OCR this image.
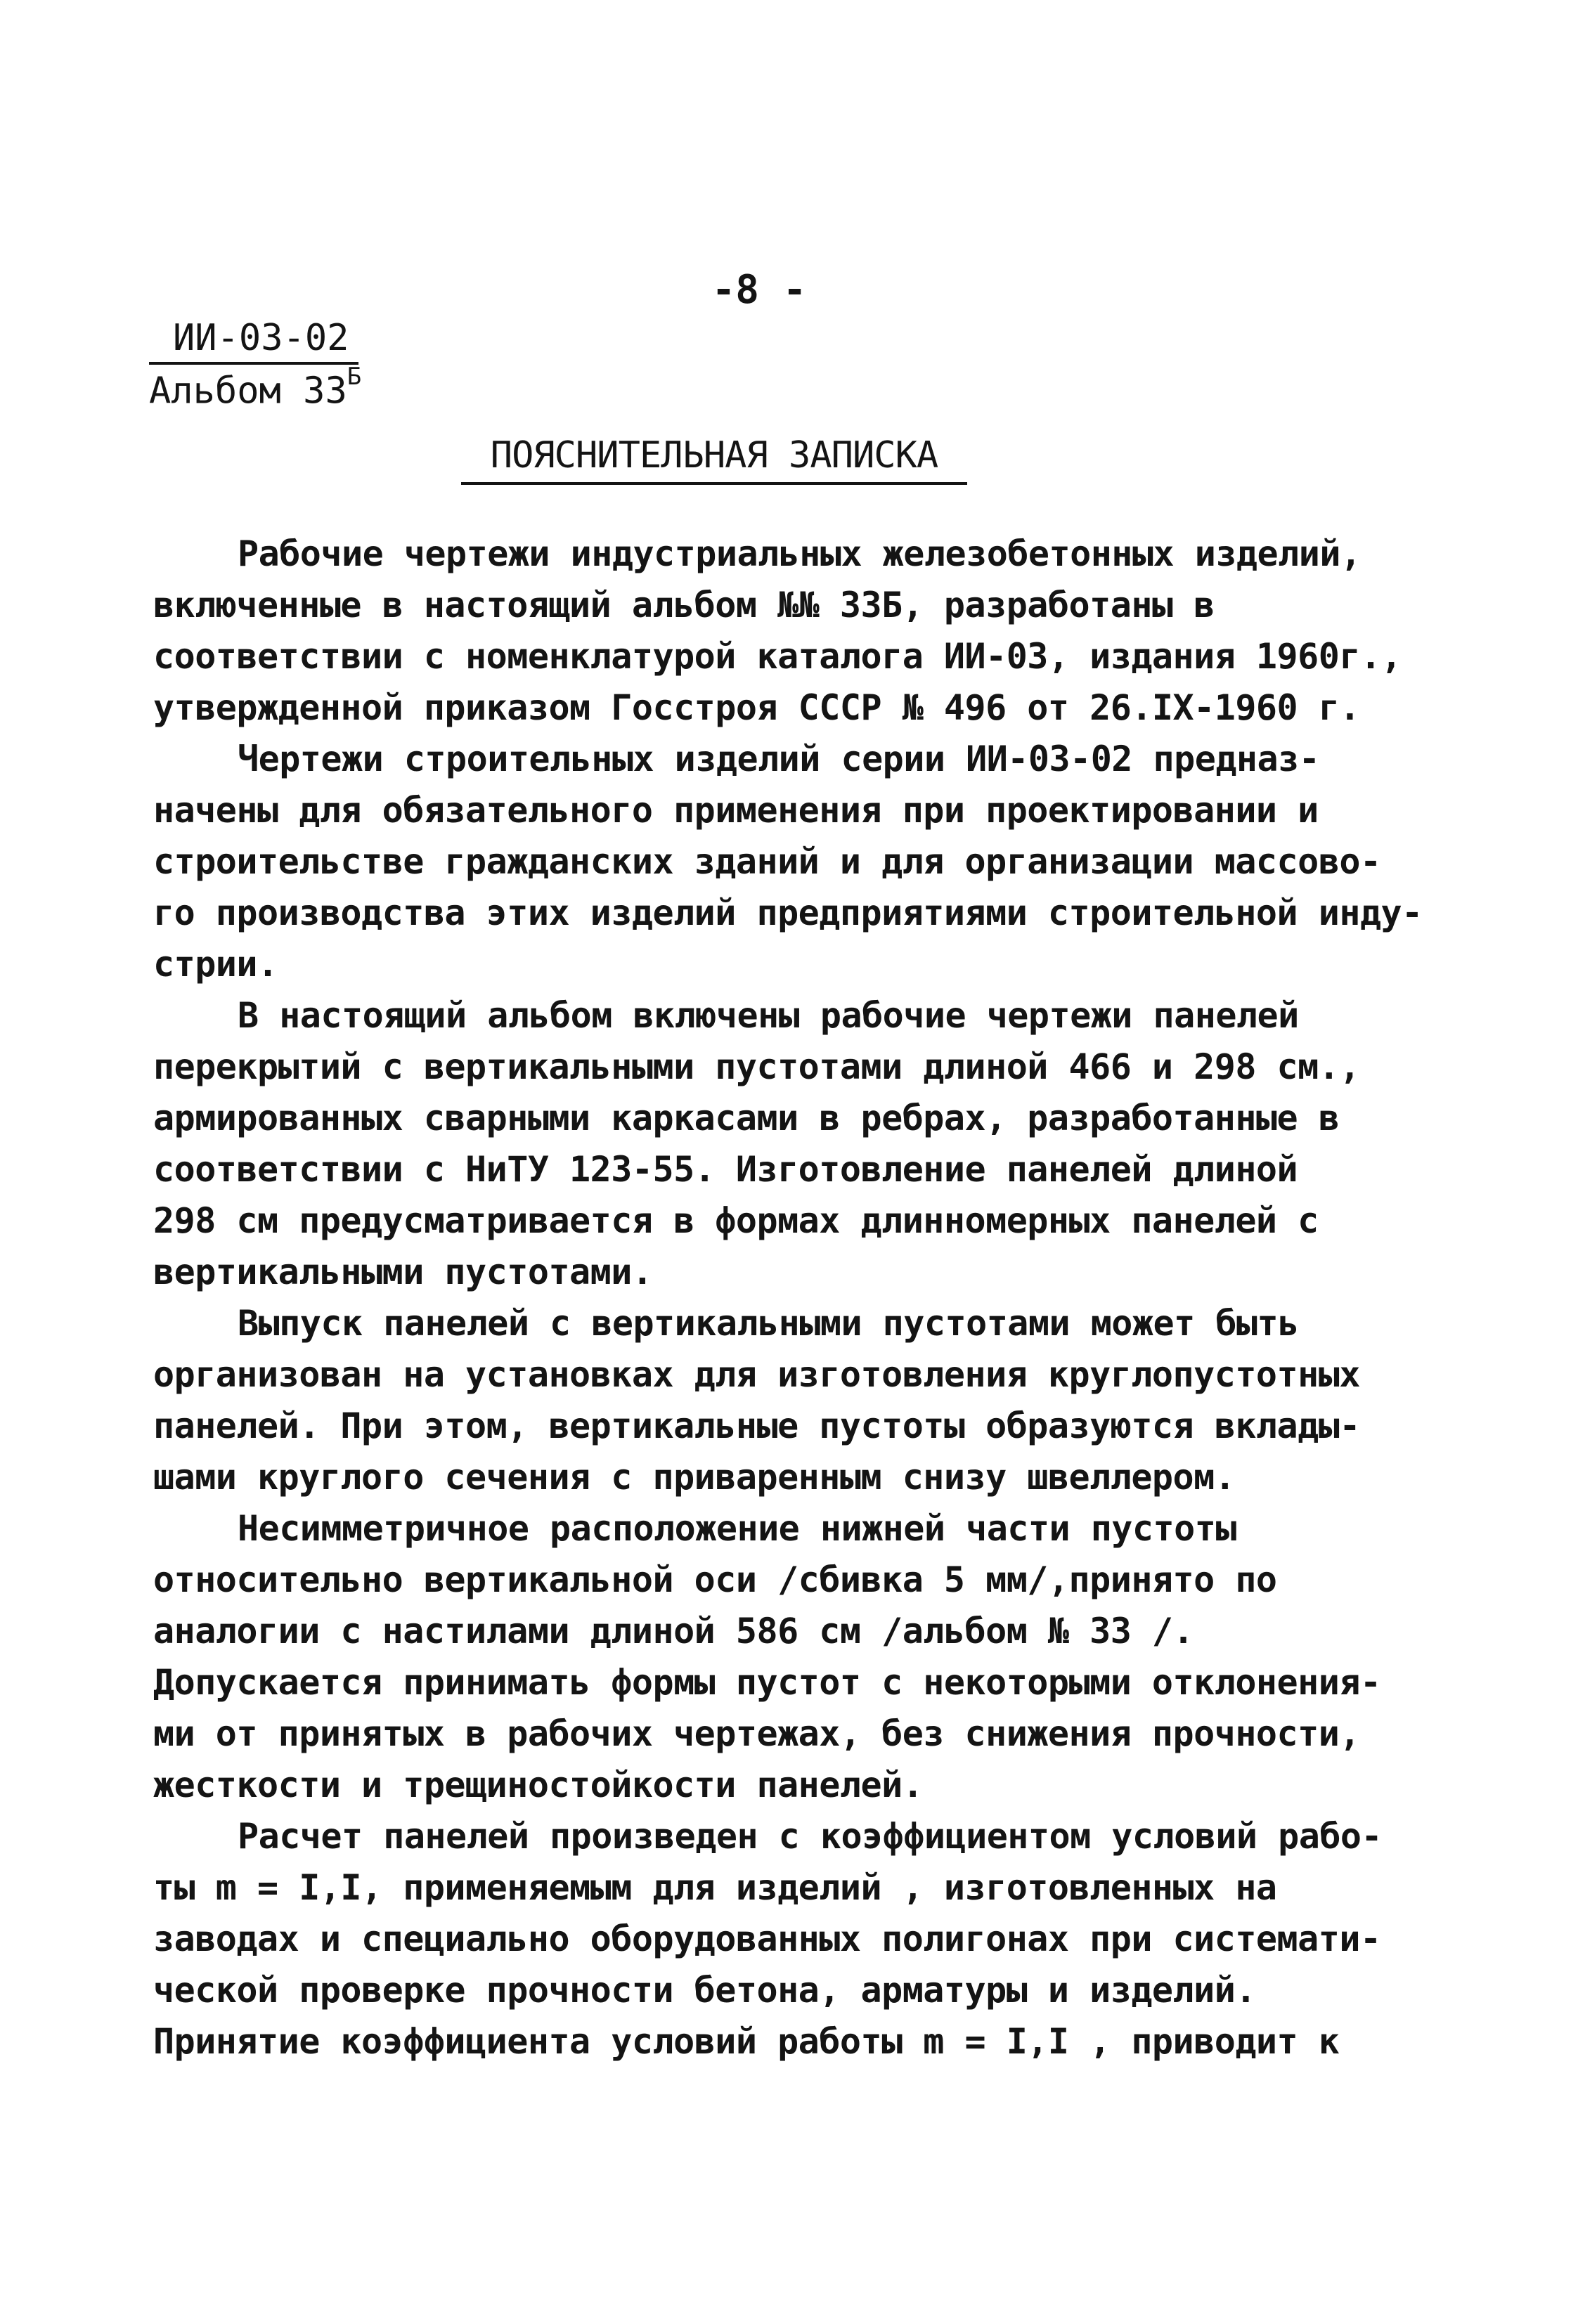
-8 -
ИИ-03-02
Альбом $33^Б$
ПОЯСНИТЕЛЬНАЯ ЗАПИСКА
Рабочие чертежи индустриальных железобетонных изделий,
включенные в настоящий альбом №№ 33Б, разработаны в
соответствии с номенклатурой каталога ИИ-03, издания 1960г.,
утвержденной приказом Госстроя СССР № 496 от 26.IX-1960 г.
Чертежи строительных изделий серии ИИ-03-02 предназ-
начены для обязательного применения при проектировании и
строительстве гражданских зданий и для организации массово-
го производства этих изделий предприятиями строительной инду-
стрии.
В настоящий альбом включены рабочие чертежи панелей
перекрытий с вертикальными пустотами длиной 466 и 298 см.,
армированных сварными каркасами в ребрах, разработанные в
соответствии с НиТУ 123-55. Изготовление панелей длиной
298 см предусматривается в формах длинномерных панелей с
вертикальными пустотами.
Выпуск панелей с вертикальными пустотами может быть
организован на установках для изготовления круглопустотных
панелей. При этом, вертикальные пустоты образуются вклады-
шами круглого сечения с приваренным снизу швеллером.
Несимметричное расположение нижней части пустоты
относительно вертикальной оси /сбивка 5 мм/,принято по
аналогии с настилами длиной 586 см /альбом № 33 /.
Допускается принимать формы пустот с некоторыми отклонения-
ми от принятых в рабочих чертежах, без снижения прочности,
жесткости и трещиностойкости панелей.
Расчет панелей произведен с коэффициентом условий рабо-
ты m = I,I, применяемым для изделий , изготовленных на
заводах и специально оборудованных полигонах при системати-
ческой проверке прочности бетона, арматуры и изделий.
Принятие коэффициента условий работы m = I,I , приводит к
